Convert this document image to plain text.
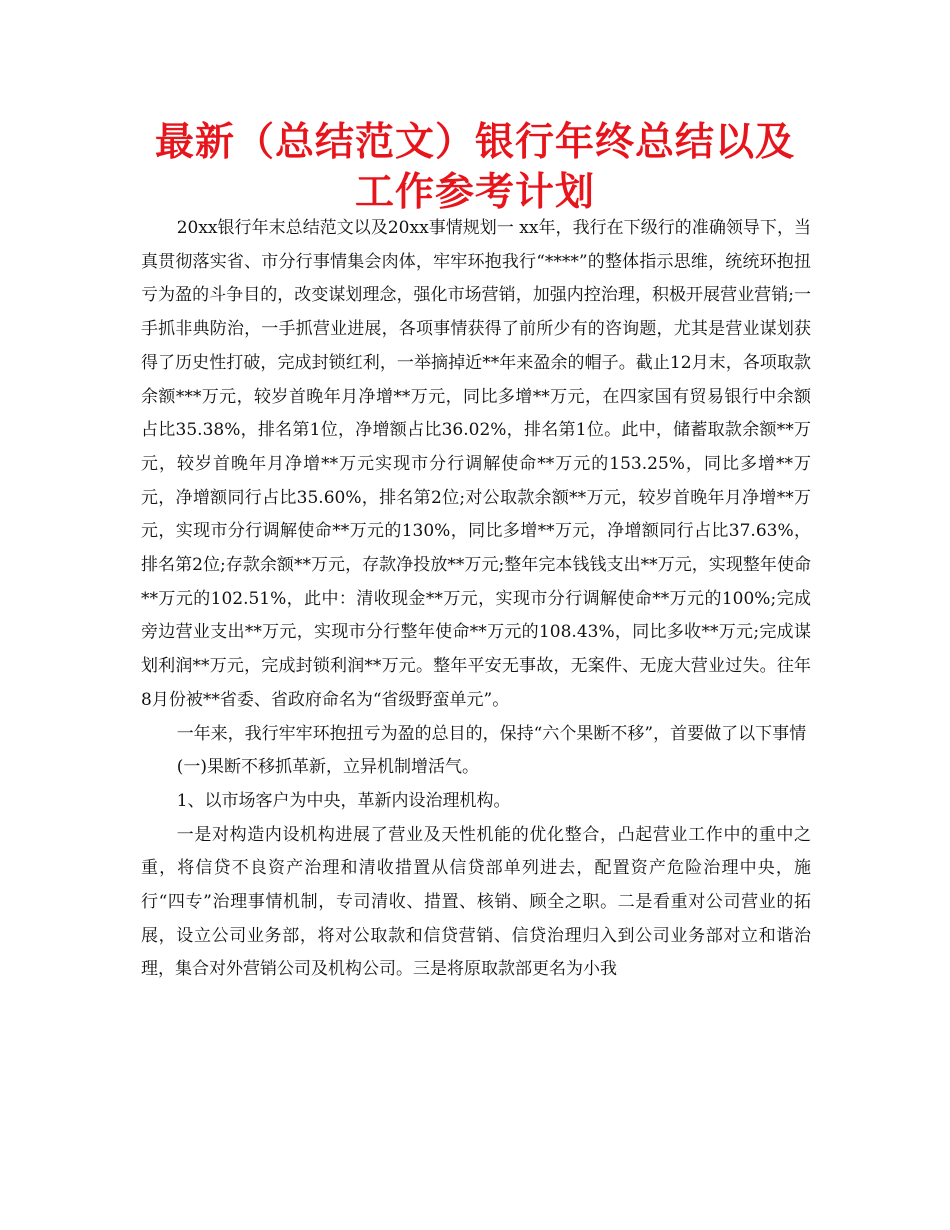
最新（总结范文）银行年终总结以及工作参考计划

20xx银行年末总结范文以及20xx事情规划一 xx年，我行在下级行的准确领导下，当真贯彻落实省、市分行事情集会肉体，牢牢环抱我行“****”的整体指示思维，统统环抱扭亏为盈的斗争目的，改变谋划理念，强化市场营销，加强内控治理，积极开展营业营销;一手抓非典防治，一手抓营业进展，各项事情获得了前所少有的咨询题，尤其是营业谋划获得了历史性打破，完成封锁红利，一举摘掉近**年来盈余的帽子。截止12月末，各项取款余额***万元，较岁首晚年月净增**万元，同比多增**万元，在四家国有贸易银行中余额占比35.38%，排名第1位，净增额占比36.02%，排名第1位。此中，储蓄取款余额**万元，较岁首晚年月净增**万元实现市分行调解使命**万元的153.25%，同比多增**万元，净增额同行占比35.60%，排名第2位;对公取款余额**万元，较岁首晚年月净增**万元，实现市分行调解使命**万元的130%，同比多增**万元，净增额同行占比37.63%，排名第2位;存款余额**万元，存款净投放**万元;整年完本钱钱支出**万元，实现整年使命**万元的102.51%，此中：清收现金**万元，实现市分行调解使命**万元的100%;完成旁边营业支出**万元，实现市分行整年使命**万元的108.43%，同比多收**万元;完成谋划利润**万元，完成封锁利润**万元。整年平安无事故，无案件、无庞大营业过失。往年8月份被**省委、省政府命名为“省级野蛮单元”。

一年来，我行牢牢环抱扭亏为盈的总目的，保持“六个果断不移”，首要做了以下事情

(一)果断不移抓革新，立异机制增活气。

1、以市场客户为中央，革新内设治理机构。

一是对构造内设机构进展了营业及天性机能的优化整合，凸起营业工作中的重中之重，将信贷不良资产治理和清收措置从信贷部单列进去，配置资产危险治理中央，施行“四专”治理事情机制，专司清收、措置、核销、顾全之职。二是看重对公司营业的拓展，设立公司业务部，将对公取款和信贷营销、信贷治理归入到公司业务部对立和谐治理，集合对外营销公司及机构公司。三是将原取款部更名为小我
